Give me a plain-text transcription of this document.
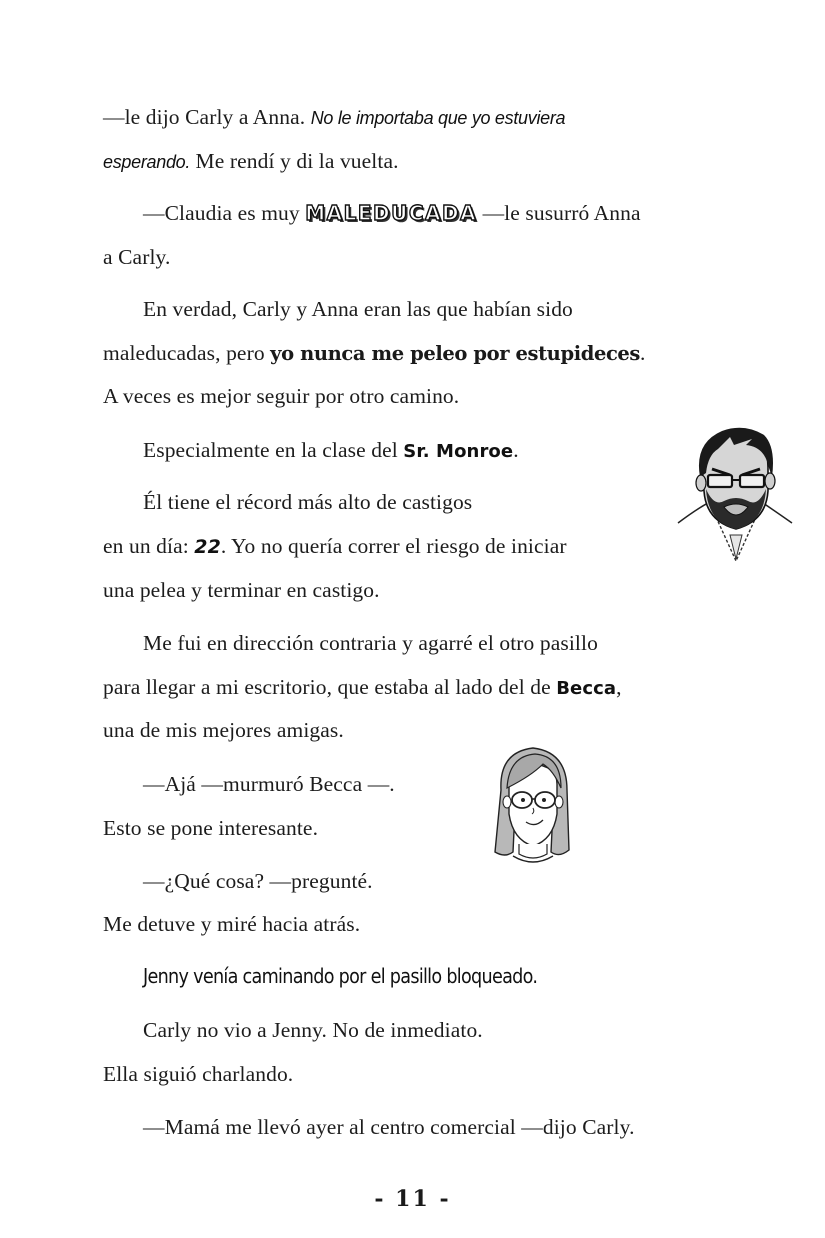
—le dijo Carly a Anna. No le importaba que yo estuviera
esperando. Me rendí y di la vuelta.
—Claudia es muy MALEDUCADA —le susurró Anna
a Carly.
En verdad, Carly y Anna eran las que habían sido
maleducadas, pero yo nunca me peleo por estupideces.
A veces es mejor seguir por otro camino.
Especialmente en la clase del Sr. Monroe.
Él tiene el récord más alto de castigos
en un día: 22. Yo no quería correr el riesgo de iniciar
una pelea y terminar en castigo.
Me fui en dirección contraria y agarré el otro pasillo
para llegar a mi escritorio, que estaba al lado del de Becca,
una de mis mejores amigas.
—Ajá —murmuró Becca —.
Esto se pone interesante.
—¿Qué cosa? —pregunté.
Me detuve y miré hacia atrás.
Jenny venía caminando por el pasillo bloqueado.
Carly no vio a Jenny. No de inmediato.
Ella siguió charlando.
—Mamá me llevó ayer al centro comercial —dijo Carly.
- 11 -
